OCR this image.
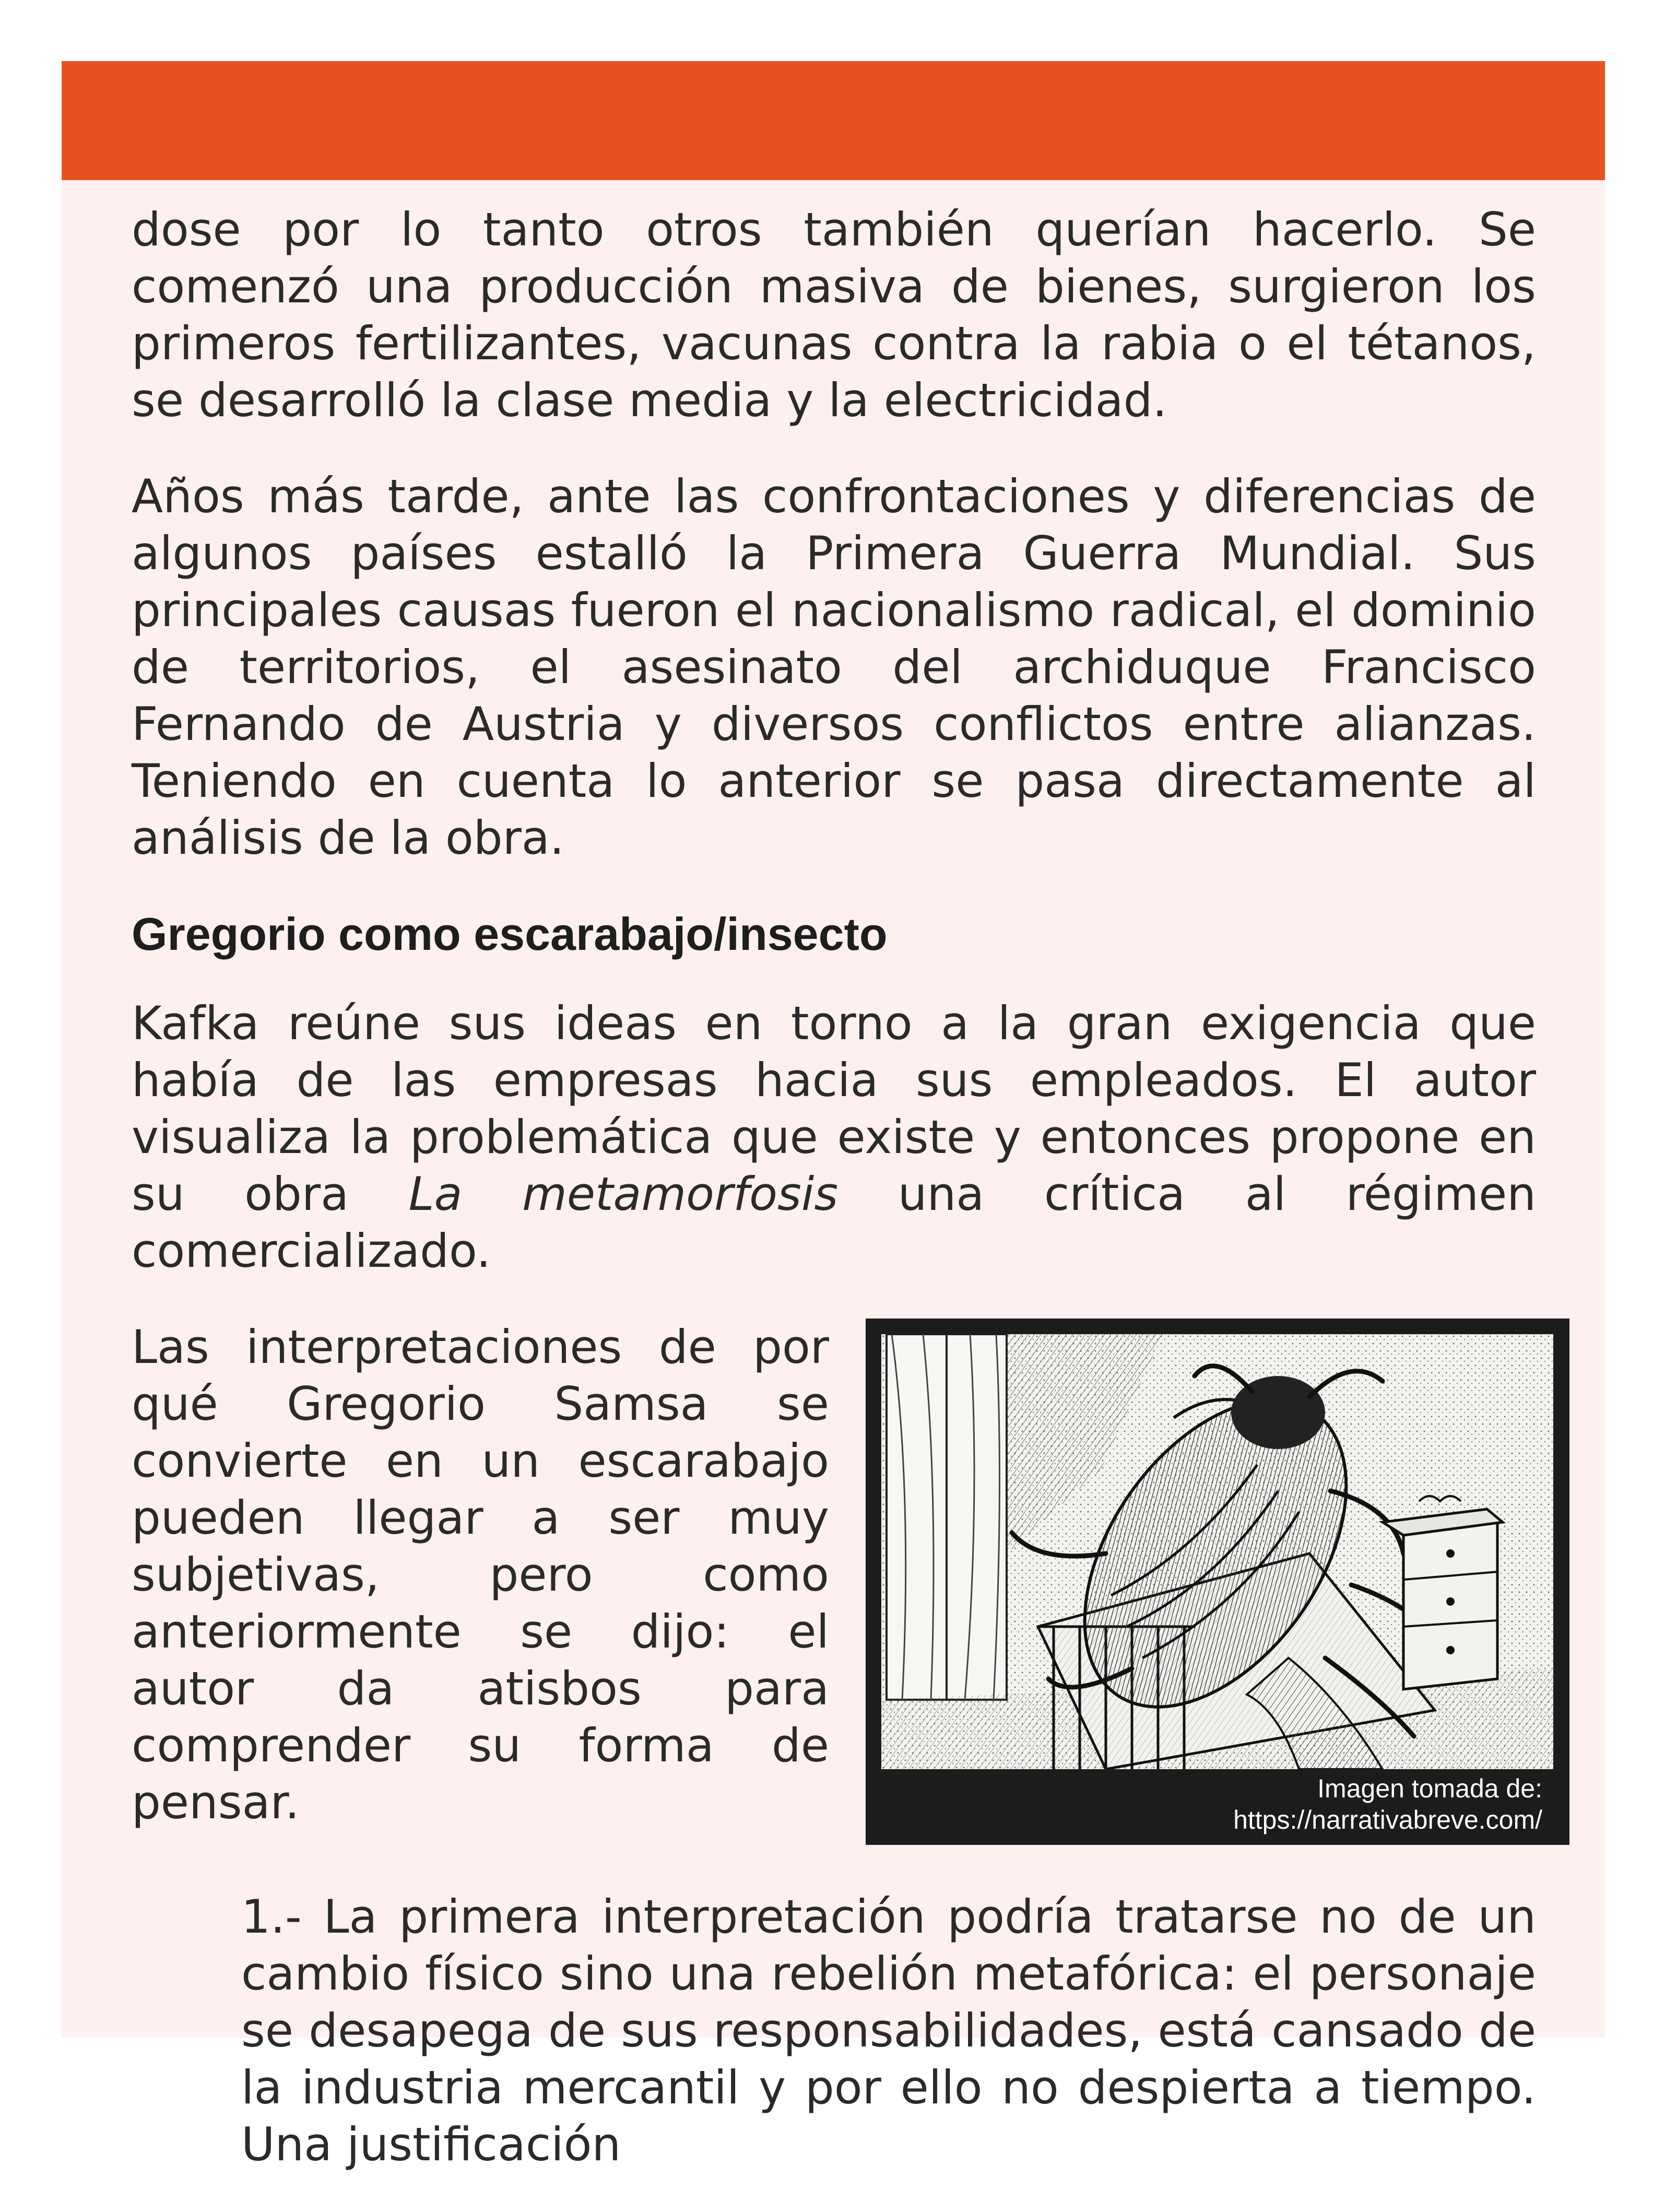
dose por lo tanto otros también querían hacerlo. Se comenzó una producción masiva de bienes, surgieron los primeros fertilizantes, vacunas contra la rabia o el tétanos, se desarrolló la clase media y la electricidad.

Años más tarde, ante las confrontaciones y diferencias de algunos países estalló la Primera Guerra Mundial. Sus principales causas fueron el nacionalismo radical, el dominio de territorios, el asesinato del archiduque Francisco Fernando de Austria y diversos conflictos entre alianzas. Teniendo en cuenta lo anterior se pasa directamente al análisis de la obra.

Gregorio como escarabajo/insecto

Kafka reúne sus ideas en torno a la gran exigencia que había de las empresas hacia sus empleados. El autor visualiza la problemática que existe y entonces propone en su obra La metamorfosis una crítica al régimen comercializado.

Imagen tomada de:
https://narrativabreve.com/

Las interpretaciones de por qué Gregorio Samsa se convierte en un escarabajo pueden llegar a ser muy subjetivas, pero como anteriormente se dijo: el autor da atisbos para comprender su forma de pensar.

1.- La primera interpretación podría tratarse no de un cambio físico sino una rebelión metafórica: el personaje se desapega de sus responsabilidades, está cansado de la industria mercantil y por ello no despierta a tiempo. Una justificación
